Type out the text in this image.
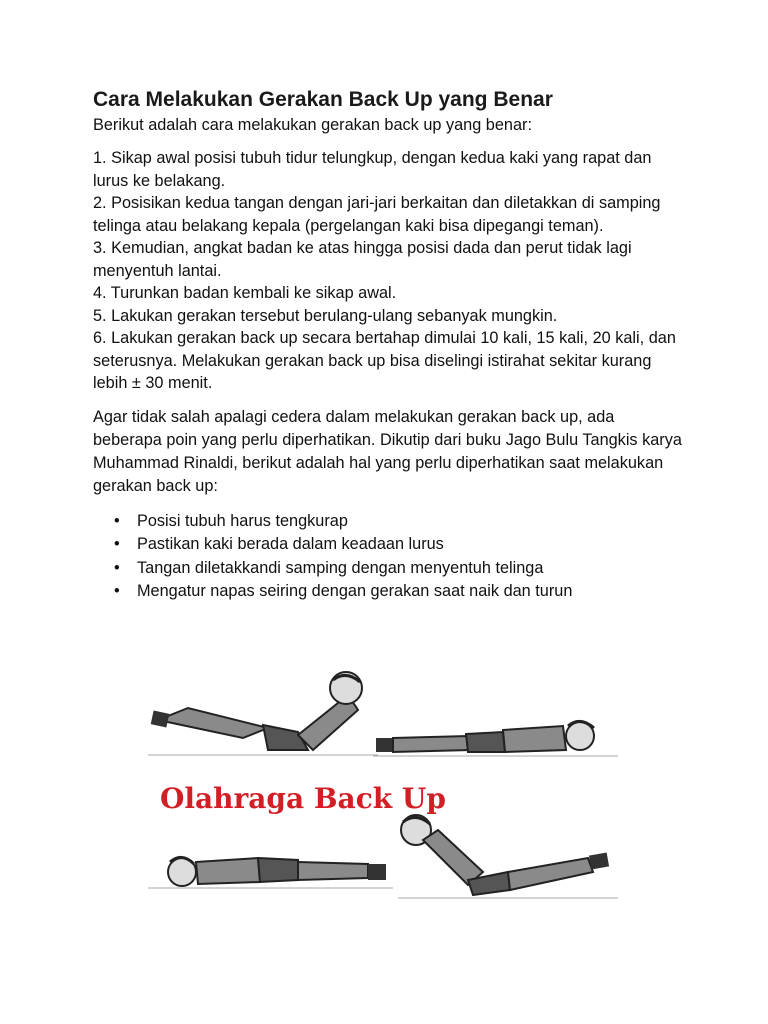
Cara Melakukan Gerakan Back Up yang Benar

Berikut adalah cara melakukan gerakan back up yang benar:

1. Sikap awal posisi tubuh tidur telungkup, dengan kedua kaki yang rapat dan lurus ke belakang.
2. Posisikan kedua tangan dengan jari-jari berkaitan dan diletakkan di samping telinga atau belakang kepala (pergelangan kaki bisa dipegangi teman).
3. Kemudian, angkat badan ke atas hingga posisi dada dan perut tidak lagi menyentuh lantai.
4. Turunkan badan kembali ke sikap awal.
5. Lakukan gerakan tersebut berulang-ulang sebanyak mungkin.
6. Lakukan gerakan back up secara bertahap dimulai 10 kali, 15 kali, 20 kali, dan seterusnya. Melakukan gerakan back up bisa diselingi istirahat sekitar kurang lebih ± 30 menit.

Agar tidak salah apalagi cedera dalam melakukan gerakan back up, ada beberapa poin yang perlu diperhatikan. Dikutip dari buku Jago Bulu Tangkis karya Muhammad Rinaldi, berikut adalah hal yang perlu diperhatikan saat melakukan gerakan back up:

• Posisi tubuh harus tengkurap
• Pastikan kaki berada dalam keadaan lurus
• Tangan diletakkandi samping dengan menyentuh telinga
• Mengatur napas seiring dengan gerakan saat naik dan turun
Olahraga Back Up
